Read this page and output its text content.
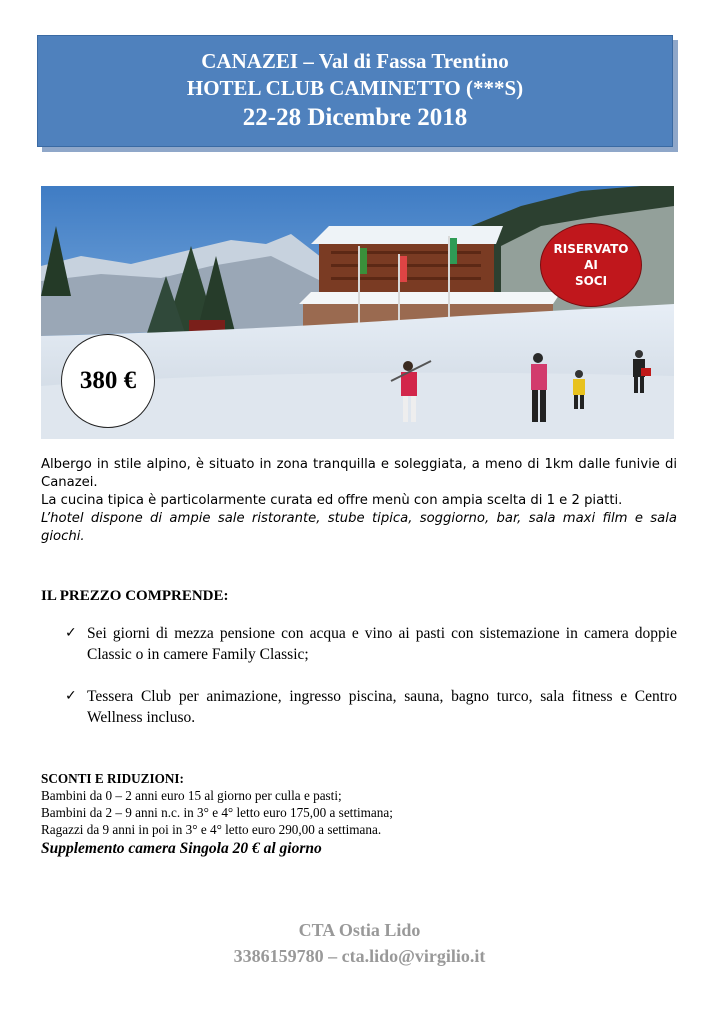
CANAZEI – Val di Fassa Trentino
HOTEL CLUB CAMINETTO (***S)
22-28 Dicembre 2018
380 €
RISERVATO
AI
SOCI

Albergo in stile alpino, è situato in zona tranquilla e soleggiata, a meno di 1km dalle funivie di Canazei.

La cucina tipica è particolarmente curata ed offre menù con ampia scelta di 1 e 2 piatti.

L’hotel dispone di ampie sale ristorante, stube tipica, soggiorno, bar, sala maxi film e sala giochi.

IL PREZZO COMPRENDE:
✓ Sei giorni di mezza pensione con acqua e vino ai pasti con sistemazione in camera doppie Classic o in camere Family Classic;
✓ Tessera Club per animazione, ingresso piscina, sauna, bagno turco, sala fitness e Centro Wellness incluso.
SCONTI E RIDUZIONI:
Bambini da 0 – 2 anni euro 15 al giorno per culla e pasti;
Bambini da 2 – 9 anni n.c. in 3° e 4° letto euro 175,00 a settimana;
Ragazzi da 9 anni in poi in 3° e 4° letto euro 290,00 a settimana.
Supplemento camera Singola 20 € al giorno
CTA Ostia Lido
3386159780 – cta.lido@virgilio.it
